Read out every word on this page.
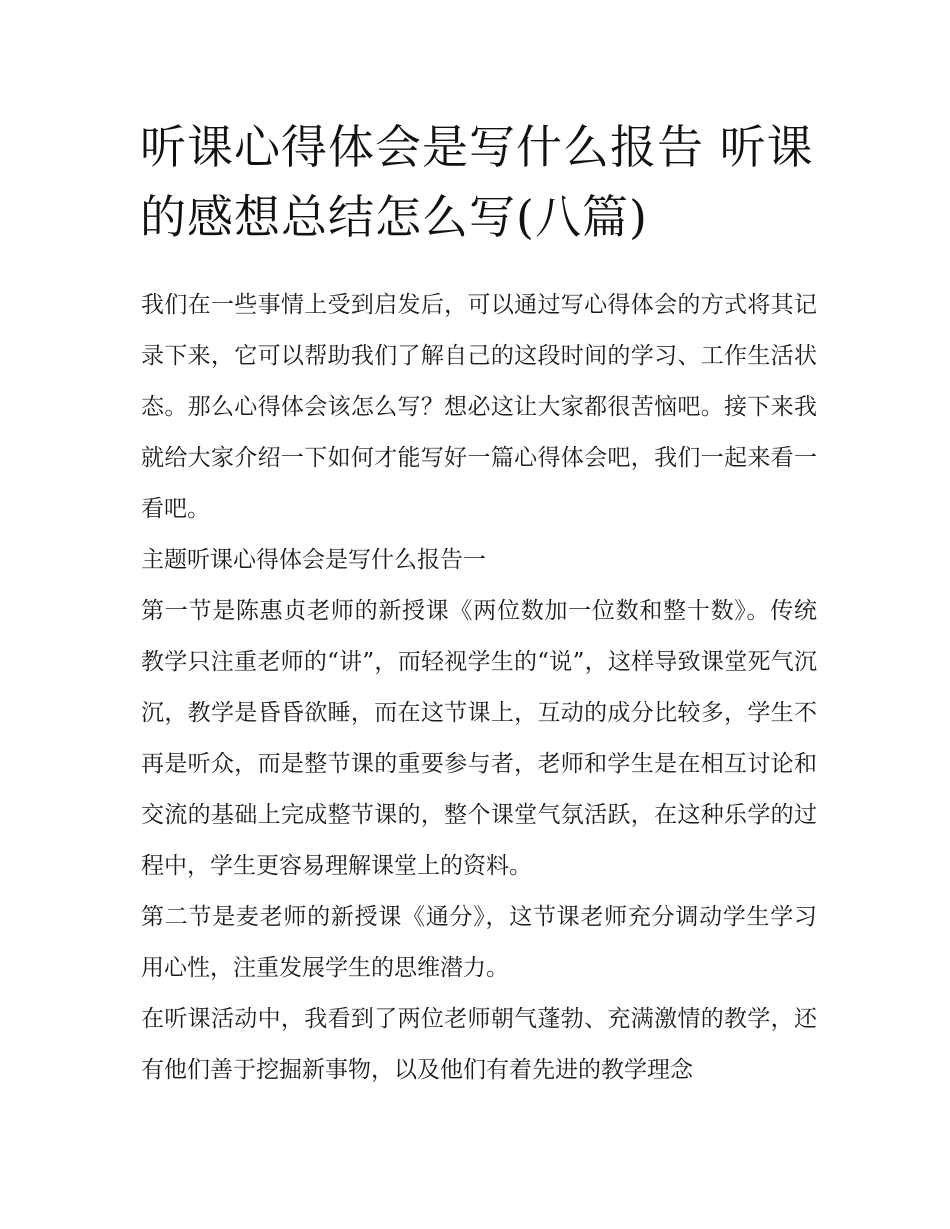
听课心得体会是写什么报告 听课的感想总结怎么写(八篇)

我们在一些事情上受到启发后，可以通过写心得体会的方式将其记录下来，它可以帮助我们了解自己的这段时间的学习、工作生活状态。那么心得体会该怎么写？想必这让大家都很苦恼吧。接下来我就给大家介绍一下如何才能写好一篇心得体会吧，我们一起来看一看吧。

主题听课心得体会是写什么报告一

第一节是陈惠贞老师的新授课《两位数加一位数和整十数》。传统教学只注重老师的“讲”，而轻视学生的“说”，这样导致课堂死气沉沉，教学是昏昏欲睡，而在这节课上，互动的成分比较多，学生不再是听众，而是整节课的重要参与者，老师和学生是在相互讨论和交流的基础上完成整节课的，整个课堂气氛活跃，在这种乐学的过程中，学生更容易理解课堂上的资料。

第二节是麦老师的新授课《通分》，这节课老师充分调动学生学习用心性，注重发展学生的思维潜力。

在听课活动中，我看到了两位老师朝气蓬勃、充满激情的教学，还有他们善于挖掘新事物，以及他们有着先进的教学理念
